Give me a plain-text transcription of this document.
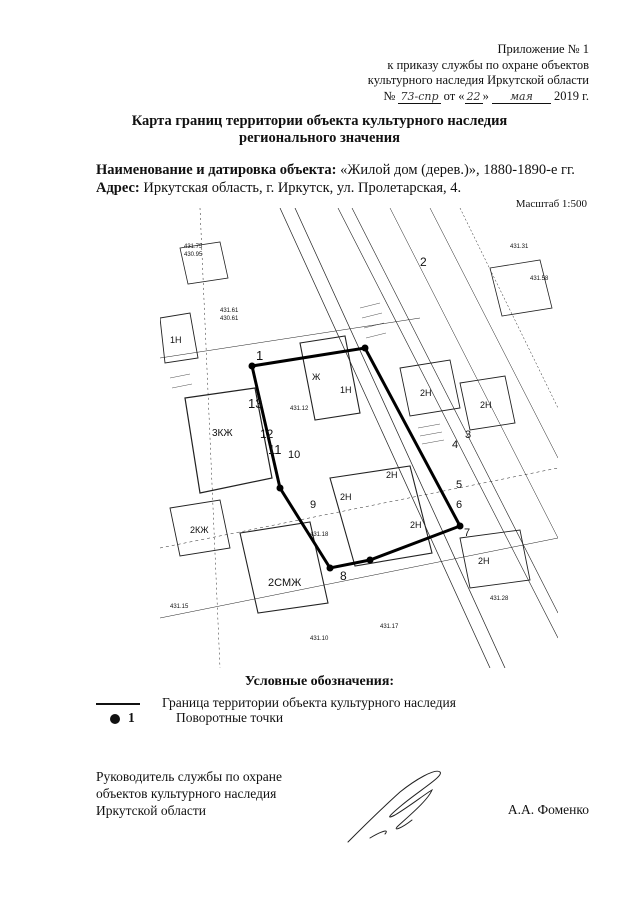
Приложение № 1
к приказу службы по охране объектов
культурного наследия Иркутской области
№ 73-спр от « 22 » мая 2019 г.
Карта границ территории объекта культурного наследия
регионального значения
Наименование и датировка объекта: «Жилой дом (дерев.)», 1880-1890-е гг.
Адрес: Иркутская область, г. Иркутск, ул. Пролетарская, 4.
Масштаб 1:500
1
2
3
4
5
6
7
8
9
10
11
12
13
3КЖ
2СМЖ
1Н
2Н
2Н
2Н
Ж
2Н
1Н
2Н
2Н
2КЖ
431.75
430.95
431.61
430.61
431.12
431.18
431.15
431.17
431.31
431.58
431.10
431.28
Условные обозначения:
Граница территории объекта культурного наследия
1	Поворотные точки
Руководитель службы по охране
объектов культурного наследия
Иркутской области	А.А. Фоменко
